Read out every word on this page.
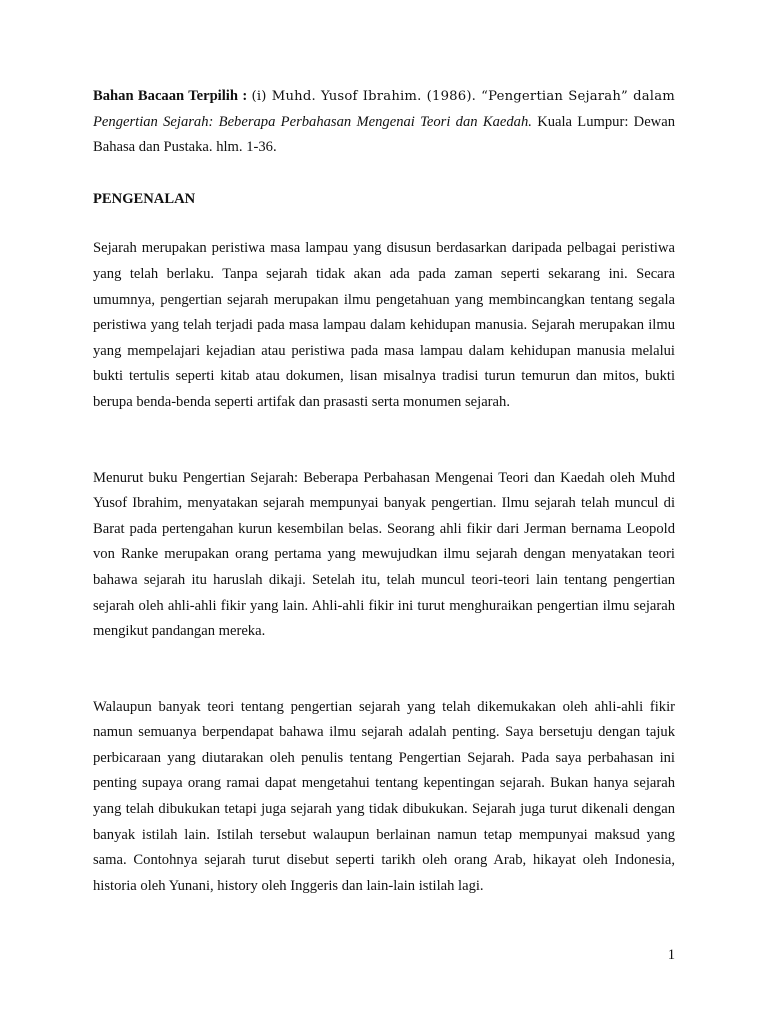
Bahan Bacaan Terpilih : (i) Muhd. Yusof Ibrahim. (1986). “Pengertian Sejarah” dalam Pengertian Sejarah: Beberapa Perbahasan Mengenai Teori dan Kaedah. Kuala Lumpur: Dewan Bahasa dan Pustaka. hlm. 1-36.

PENGENALAN

Sejarah merupakan peristiwa masa lampau yang disusun berdasarkan daripada pelbagai peristiwa yang telah berlaku. Tanpa sejarah tidak akan ada pada zaman seperti sekarang ini. Secara umumnya, pengertian sejarah merupakan ilmu pengetahuan yang membincangkan tentang segala peristiwa yang telah terjadi pada masa lampau dalam kehidupan manusia. Sejarah merupakan ilmu yang mempelajari kejadian atau peristiwa pada masa lampau dalam kehidupan manusia melalui bukti tertulis seperti kitab atau dokumen, lisan misalnya tradisi turun temurun dan mitos, bukti berupa benda-benda seperti artifak dan prasasti serta monumen sejarah.

Menurut buku Pengertian Sejarah: Beberapa Perbahasan Mengenai Teori dan Kaedah oleh Muhd Yusof Ibrahim, menyatakan sejarah mempunyai banyak pengertian. Ilmu sejarah telah muncul di Barat pada pertengahan kurun kesembilan belas. Seorang ahli fikir dari Jerman bernama Leopold von Ranke merupakan orang pertama yang mewujudkan ilmu sejarah dengan menyatakan teori bahawa sejarah itu haruslah dikaji. Setelah itu, telah muncul teori-teori lain tentang pengertian sejarah oleh ahli-ahli fikir yang lain. Ahli-ahli fikir ini turut menghuraikan pengertian ilmu sejarah mengikut pandangan mereka.

Walaupun banyak teori tentang pengertian sejarah yang telah dikemukakan oleh ahli-ahli fikir namun semuanya berpendapat bahawa ilmu sejarah adalah penting. Saya bersetuju dengan tajuk perbicaraan yang diutarakan oleh penulis tentang Pengertian Sejarah. Pada saya perbahasan ini penting supaya orang ramai dapat mengetahui tentang kepentingan sejarah. Bukan hanya sejarah yang telah dibukukan tetapi juga sejarah yang tidak dibukukan. Sejarah juga turut dikenali dengan banyak istilah lain. Istilah tersebut walaupun berlainan namun tetap mempunyai maksud yang sama. Contohnya sejarah turut disebut seperti tarikh oleh orang Arab, hikayat oleh Indonesia, historia oleh Yunani, history oleh Inggeris dan lain-lain istilah lagi.

1
